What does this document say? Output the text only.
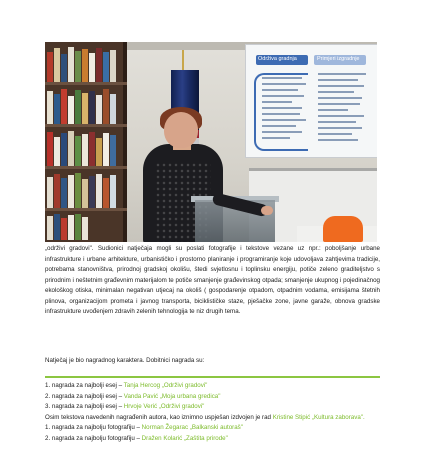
Održiva gradnja	Primjeri izgradnje
„održivi gradovi". Sudionici natječaja mogli su poslati fotografije i tekstove vezane uz npr.: poboljšanje urbane infrastrukture i urbane arhitekture, urbanističko i prostorno planiranje i programiranje koje udovoljava zahtjevima tradicije, potrebama stanovništva, prirodnoj gradskoj okolišu, štedi svjetlosnu i toplinsku energiju, potiče zeleno graditeljstvo s prirodnim i neštetnim građevnim materijalom te potiče smanjenje građevinskog otpada; smanjenje ukupnog i pojedinačnog ekološkog otiska, minimalan negativan utjecaj na okoliš ( gospodarenje otpadom, otpadnim vodama, emisijama štetnih plinova, organizacijom prometa i javnog transporta, biciklističke staze, pješačke zone, javne garaže, obnova gradske infrastrukture uvođenjem zdravih zelenih tehnologija te niz drugih tema.
Natječaj je bio nagradnog karaktera. Dobitnici nagrada su:
1. nagrada za najbolji esej – Tanja Hercog „Održivi gradovi"
2. nagrada za najbolji esej – Vanda Pavić „Moja urbana gredica"
3. nagrada za najbolji esej – Hrvoje Verić „Održivi gradovi"
Osim tekstova navedenih nagrađenih autora, kao iznimno uspješan izdvojen je rad Kristine Stipić „Kultura zaborava".
1. nagrada za najbolju fotografiju – Norman Žegarac „Balkanski autoraš"
2. nagrada za najbolju fotografiju – Dražen Kolarić „Zaštita prirode"
